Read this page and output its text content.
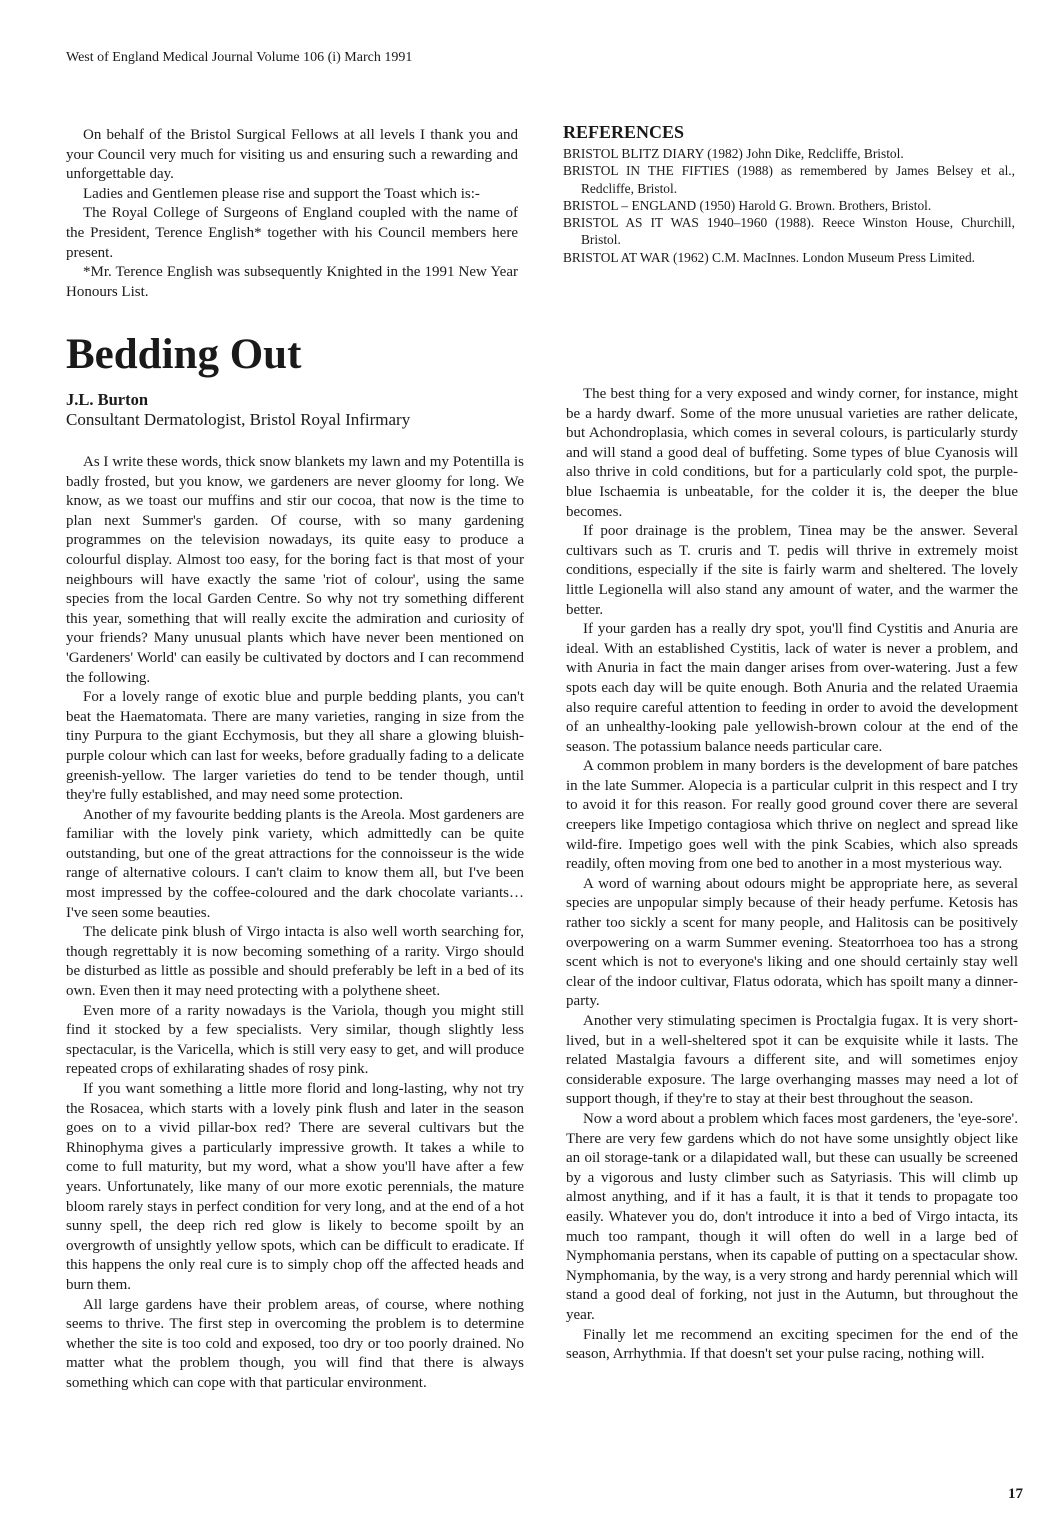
West of England Medical Journal Volume 106 (i) March 1991

On behalf of the Bristol Surgical Fellows at all levels I thank you and your Council very much for visiting us and ensuring such a rewarding and unforgettable day.

Ladies and Gentlemen please rise and support the Toast which is:-

The Royal College of Surgeons of England coupled with the name of the President, Terence English* together with his Council members here present.

*Mr. Terence English was subsequently Knighted in the 1991 New Year Honours List.

REFERENCES

BRISTOL BLITZ DIARY (1982) John Dike, Redcliffe, Bristol.

BRISTOL IN THE FIFTIES (1988) as remembered by James Belsey et al., Redcliffe, Bristol.

BRISTOL – ENGLAND (1950) Harold G. Brown. Brothers, Bristol.

BRISTOL AS IT WAS 1940–1960 (1988). Reece Winston House, Churchill, Bristol.

BRISTOL AT WAR (1962) C.M. MacInnes. London Museum Press Limited.

Bedding Out
J.L. Burton
Consultant Dermatologist, Bristol Royal Infirmary

As I write these words, thick snow blankets my lawn and my Potentilla is badly frosted, but you know, we gardeners are never gloomy for long. We know, as we toast our muffins and stir our cocoa, that now is the time to plan next Summer's garden. Of course, with so many gardening programmes on the television nowadays, its quite easy to produce a colourful display. Almost too easy, for the boring fact is that most of your neighbours will have exactly the same 'riot of colour', using the same species from the local Garden Centre. So why not try something different this year, something that will really excite the admiration and curiosity of your friends? Many unusual plants which have never been mentioned on 'Gardeners' World' can easily be cultivated by doctors and I can recommend the following.

For a lovely range of exotic blue and purple bedding plants, you can't beat the Haematomata. There are many varieties, ranging in size from the tiny Purpura to the giant Ecchymosis, but they all share a glowing bluish-purple colour which can last for weeks, before gradually fading to a delicate greenish-yellow. The larger varieties do tend to be tender though, until they're fully established, and may need some protection.

Another of my favourite bedding plants is the Areola. Most gardeners are familiar with the lovely pink variety, which admittedly can be quite outstanding, but one of the great attractions for the connoisseur is the wide range of alternative colours. I can't claim to know them all, but I've been most impressed by the coffee-coloured and the dark chocolate variants… I've seen some beauties.

The delicate pink blush of Virgo intacta is also well worth searching for, though regrettably it is now becoming something of a rarity. Virgo should be disturbed as little as possible and should preferably be left in a bed of its own. Even then it may need protecting with a polythene sheet.

Even more of a rarity nowadays is the Variola, though you might still find it stocked by a few specialists. Very similar, though slightly less spectacular, is the Varicella, which is still very easy to get, and will produce repeated crops of exhilarating shades of rosy pink.

If you want something a little more florid and long-lasting, why not try the Rosacea, which starts with a lovely pink flush and later in the season goes on to a vivid pillar-box red? There are several cultivars but the Rhinophyma gives a particularly impressive growth. It takes a while to come to full maturity, but my word, what a show you'll have after a few years. Unfortunately, like many of our more exotic perennials, the mature bloom rarely stays in perfect condition for very long, and at the end of a hot sunny spell, the deep rich red glow is likely to become spoilt by an overgrowth of unsightly yellow spots, which can be difficult to eradicate. If this happens the only real cure is to simply chop off the affected heads and burn them.

All large gardens have their problem areas, of course, where nothing seems to thrive. The first step in overcoming the problem is to determine whether the site is too cold and exposed, too dry or too poorly drained. No matter what the problem though, you will find that there is always something which can cope with that particular environment.

The best thing for a very exposed and windy corner, for instance, might be a hardy dwarf. Some of the more unusual varieties are rather delicate, but Achondroplasia, which comes in several colours, is particularly sturdy and will stand a good deal of buffeting. Some types of blue Cyanosis will also thrive in cold conditions, but for a particularly cold spot, the purple-blue Ischaemia is unbeatable, for the colder it is, the deeper the blue becomes.

If poor drainage is the problem, Tinea may be the answer. Several cultivars such as T. cruris and T. pedis will thrive in extremely moist conditions, especially if the site is fairly warm and sheltered. The lovely little Legionella will also stand any amount of water, and the warmer the better.

If your garden has a really dry spot, you'll find Cystitis and Anuria are ideal. With an established Cystitis, lack of water is never a problem, and with Anuria in fact the main danger arises from over-watering. Just a few spots each day will be quite enough. Both Anuria and the related Uraemia also require careful attention to feeding in order to avoid the development of an unhealthy-looking pale yellowish-brown colour at the end of the season. The potassium balance needs particular care.

A common problem in many borders is the development of bare patches in the late Summer. Alopecia is a particular culprit in this respect and I try to avoid it for this reason. For really good ground cover there are several creepers like Impetigo contagiosa which thrive on neglect and spread like wild-fire. Impetigo goes well with the pink Scabies, which also spreads readily, often moving from one bed to another in a most mysterious way.

A word of warning about odours might be appropriate here, as several species are unpopular simply because of their heady perfume. Ketosis has rather too sickly a scent for many people, and Halitosis can be positively overpowering on a warm Summer evening. Steatorrhoea too has a strong scent which is not to everyone's liking and one should certainly stay well clear of the indoor cultivar, Flatus odorata, which has spoilt many a dinner-party.

Another very stimulating specimen is Proctalgia fugax. It is very short-lived, but in a well-sheltered spot it can be exquisite while it lasts. The related Mastalgia favours a different site, and will sometimes enjoy considerable exposure. The large overhanging masses may need a lot of support though, if they're to stay at their best throughout the season.

Now a word about a problem which faces most gardeners, the 'eye-sore'. There are very few gardens which do not have some unsightly object like an oil storage-tank or a dilapidated wall, but these can usually be screened by a vigorous and lusty climber such as Satyriasis. This will climb up almost anything, and if it has a fault, it is that it tends to propagate too easily. Whatever you do, don't introduce it into a bed of Virgo intacta, its much too rampant, though it will often do well in a large bed of Nymphomania perstans, when its capable of putting on a spectacular show. Nymphomania, by the way, is a very strong and hardy perennial which will stand a good deal of forking, not just in the Autumn, but throughout the year.

Finally let me recommend an exciting specimen for the end of the season, Arrhythmia. If that doesn't set your pulse racing, nothing will.

17
